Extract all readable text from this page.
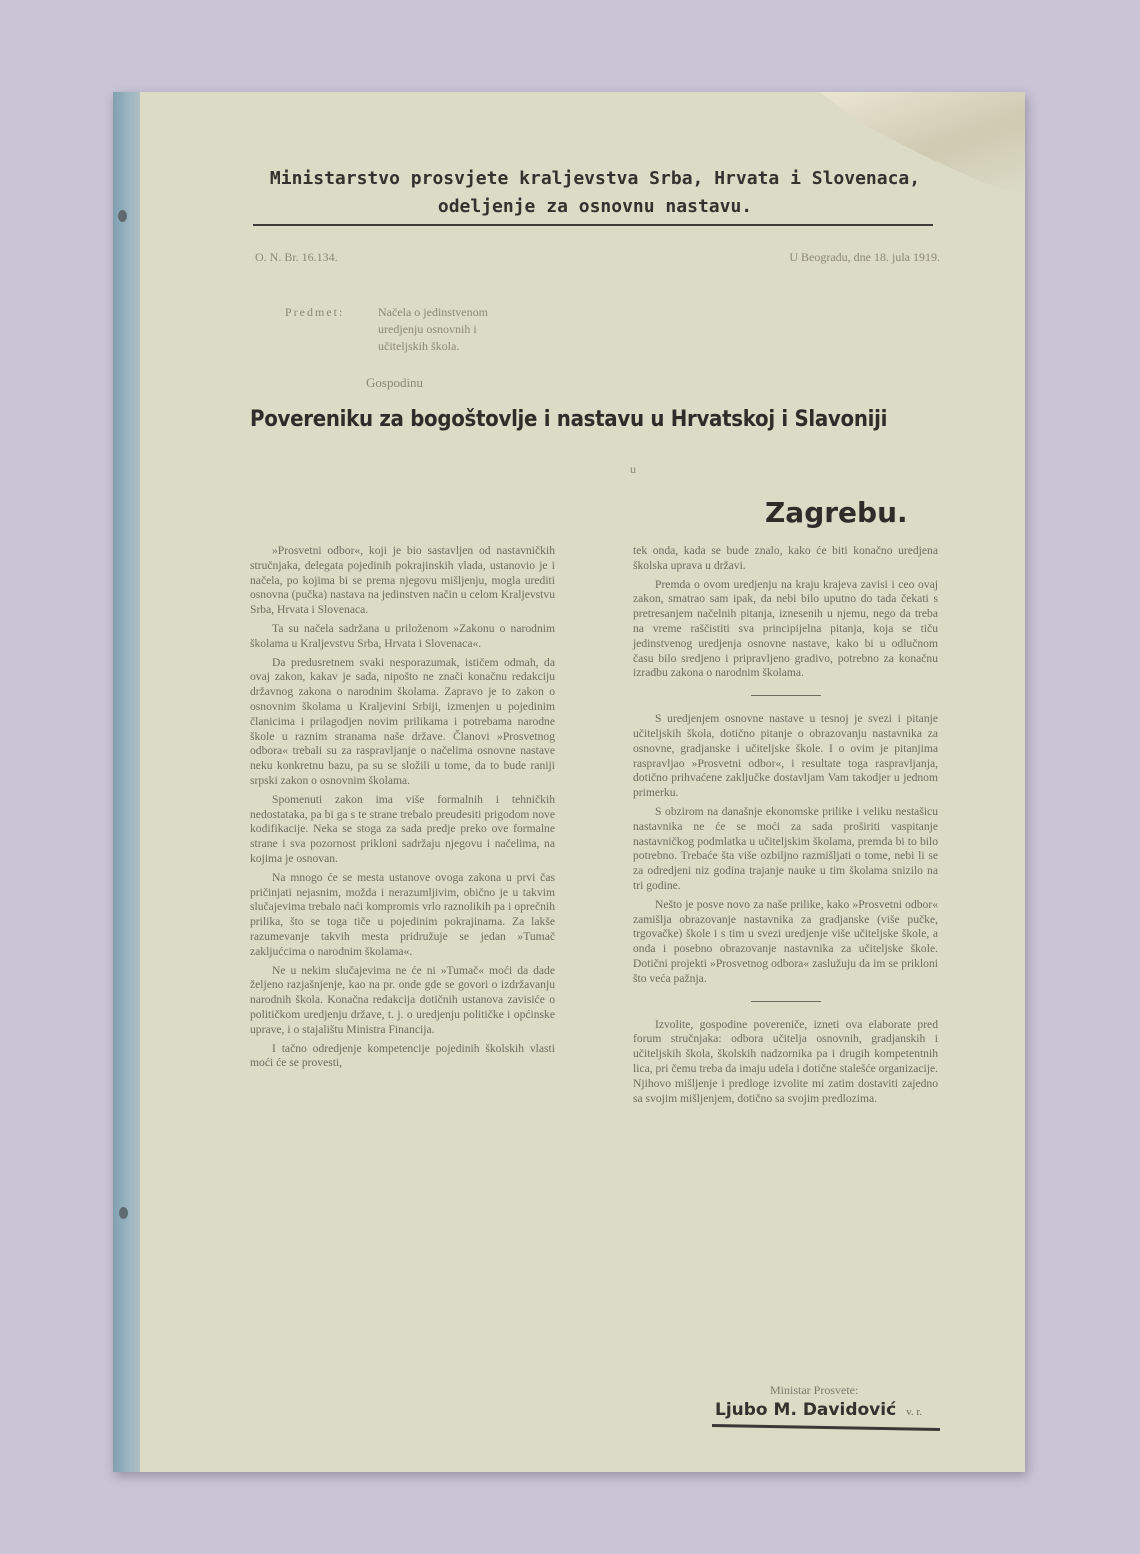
Ministarstvo prosvjete kraljevstva Srba, Hrvata i Slovenaca,
odeljenje za osnovnu nastavu.
O. N. Br. 16.134.	U Beogradu, dne 18. jula 1919.
Predmet:	Načela o jedinstvenom
uredjenju osnovnih i
učiteljskih škola.
Gospodinu
Povereniku za bogoštovlje i nastavu u Hrvatskoj i Slavoniji
u
Zagrebu.

»Prosvetni odbor«, koji je bio sastavljen od nastavničkih stručnjaka, delegata pojedinih pokrajinskih vlada, ustanovio je i načela, po kojima bi se prema njegovu mišljenju, mogla urediti osnovna (pučka) nastava na jedinstven način u celom Kraljevstvu Srba, Hrvata i Slovenaca.

Ta su načela sadržana u priloženom »Zakonu o narodnim školama u Kraljevstvu Srba, Hrvata i Slovenaca«.

Da predusretnem svaki nesporazumak, ističem odmah, da ovaj zakon, kakav je sada, nipošto ne znači konačnu redakciju državnog zakona o narodnim školama. Zapravo je to zakon o osnovnim školama u Kraljevini Srbiji, izmenjen u pojedinim članicima i prilagodjen novim prilikama i potrebama narodne škole u raznim stranama naše države. Članovi »Prosvetnog odbora« trebali su za raspravljanje o načelima osnovne nastave neku konkretnu bazu, pa su se složili u tome, da to bude raniji srpski zakon o osnovnim školama.

Spomenuti zakon ima više formalnih i tehničkih nedostataka, pa bi ga s te strane trebalo preudesiti prigodom nove kodifikacije. Neka se stoga za sada predje preko ove formalne strane i sva pozornost prikloni sadržaju njegovu i načelima, na kojima je osnovan.

Na mnogo će se mesta ustanove ovoga zakona u prvi čas pričinjati nejasnim, možda i nerazumljivim, obično je u takvim slučajevima trebalo naći kompromis vrlo raznolikih pa i oprečnih prilika, što se toga tiče u pojedinim pokrajinama. Za lakše razumevanje takvih mesta pridružuje se jedan »Tumač zakljućcima o narodnim školama«.

Ne u nekim slučajevima ne će ni »Tumač« moći da dade željeno razjašnjenje, kao na pr. onde gde se govori o izdržavanju narodnih škola. Konačna redakcija dotičnih ustanova zavisiće o političkom uredjenju države, t. j. o uredjenju političke i općinske uprave, i o stajalištu Ministra Financija.

I tačno odredjenje kompetencije pojedinih školskih vlasti moći će se provesti,

tek onda, kada se bude znalo, kako će biti konačno uredjena školska uprava u državi.

Premda o ovom uredjenju na kraju krajeva zavisi i ceo ovaj zakon, smatrao sam ipak, da nebi bilo uputno do tada čekati s pretresanjem načelnih pitanja, iznesenih u njemu, nego da treba na vreme raščistiti sva principijelna pitanja, koja se tiču jedinstvenog uredjenja osnovne nastave, kako bi u odlučnom času bilo sredjeno i pripravljeno gradivo, potrebno za konačnu izradbu zakona o narodnim školama.

S uredjenjem osnovne nastave u tesnoj je svezi i pitanje učiteljskih škola, dotično pitanje o obrazovanju nastavnika za osnovne, gradjanske i učiteljske škole. I o ovim je pitanjima raspravljao »Prosvetni odbor«, i resultate toga raspravljanja, dotično prihvaćene zaključke dostavljam Vam takodjer u jednom primerku.

S obzirom na današnje ekonomske prilike i veliku nestašicu nastavnika ne će se moći za sada proširiti vaspitanje nastavničkog podmlatka u učiteljskim školama, premda bi to bilo potrebno. Trebaće šta više ozbiljno razmišljati o tome, nebi li se za odredjeni niz godina trajanje nauke u tim školama snizilo na tri godine.

Nešto je posve novo za naše prilike, kako »Prosvetni odbor« zamišlja obrazovanje nastavnika za gradjanske (više pučke, trgovačke) škole i s tim u svezi uredjenje više učiteljske škole, a onda i posebno obrazovanje nastavnika za učiteljske škole. Dotični projekti »Prosvetnog odbora« zaslužuju da im se prikloni što veća pažnja.

Izvolite, gospodine povereniče, izneti ova elaborate pred forum stručnjaka: odbora učitelja osnovnih, gradjanskih i učiteljskih škola, školskih nadzornika pa i drugih kompetentnih lica, pri čemu treba da imaju udela i dotične stalešće organizacije. Njihovo mišljenje i predloge izvolite mi zatim dostaviti zajedno sa svojim mišljenjem, dotično sa svojim predlozima.

Ministar Prosvete:
Ljubo M. Davidović v. r.
